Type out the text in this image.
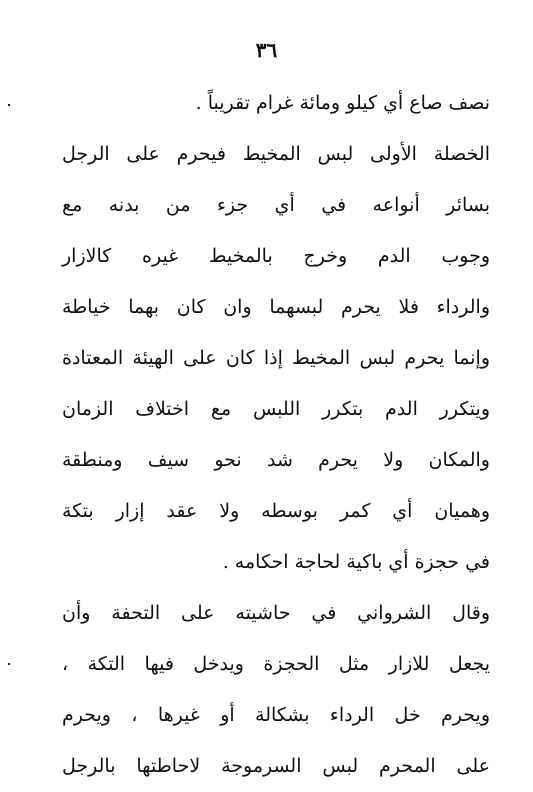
٣٦
نصف صاع أي كيلو ومائة غرام تقريباً .
الخصلة الأولى لبس المخيط فيحرم على الرجل
بسائر أنواعه في أي جزء من بدنه مع
وجوب الدم وخرج بالمخيط غيره كالازار
والرداء فلا يحرم لبسهما وان كان بهما خياطة
وإنما يحرم لبس المخيط إذا كان على الهيئة المعتادة
ويتكرر الدم بتكرر اللبس مع اختلاف الزمان
والمكان ولا يحرم شد نحو سيف ومنطقة
وهميان أي كمر بوسطه ولا عقد إزار بتكة
في حجزة أي باكية لحاجة احكامه .
وقال الشرواني في حاشيته على التحفة وأن
يجعل للازار مثل الحجزة ويدخل فيها التكة ،
ويحرم خل الرداء بشكالة أو غيرها ، ويحرم
على المحرم لبس السرموجة لاحاطتها بالرجل
